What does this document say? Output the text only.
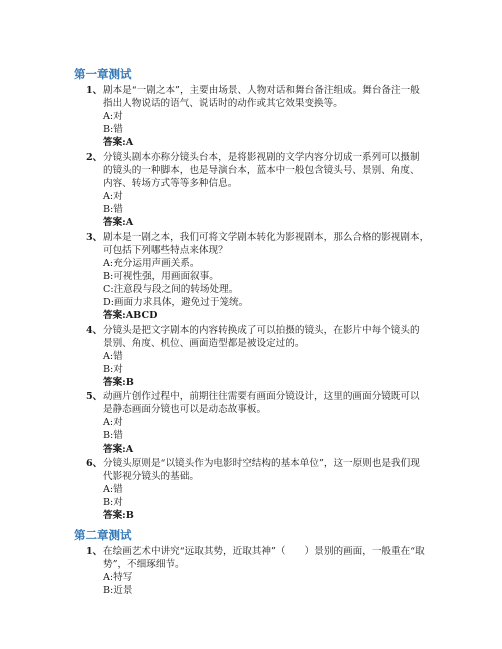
第一章测试
1、 剧本是“一剧之本”，主要由场景、人物对话和舞台备注组成。舞台备注一般
指出人物说话的语气、说话时的动作或其它效果变换等。
A:对
B:错
答案:A
2、 分镜头剧本亦称分镜头台本，是将影视剧的文学内容分切成一系列可以摄制
的镜头的一种脚本，也是导演台本，蓝本中一般包含镜头号、景别、角度、
内容、转场方式等等多种信息。
A:对
B:错
答案:A
3、 剧本是一剧之本，我们可将文学剧本转化为影视剧本，那么合格的影视剧本，
可包括下列哪些特点来体现？
A:充分运用声画关系。
B:可视性强，用画面叙事。
C:注意段与段之间的转场处理。
D:画面力求具体，避免过于笼统。
答案:ABCD
4、 分镜头是把文字剧本的内容转换成了可以拍摄的镜头，在影片中每个镜头的
景别、角度、机位、画面造型都是被设定过的。
A:错
B:对
答案:B
5、 动画片创作过程中，前期往往需要有画面分镜设计，这里的画面分镜既可以
是静态画面分镜也可以是动态故事板。
A:对
B:错
答案:A
6、 分镜头原则是“以镜头作为电影时空结构的基本单位”，这一原则也是我们现
代影视分镜头的基础。
A:错
B:对
答案:B
第二章测试
1、 在绘画艺术中讲究“远取其势，近取其神”（　　）景别的画面，一般重在“取
势”，不细琢细节。
A:特写
B:近景
